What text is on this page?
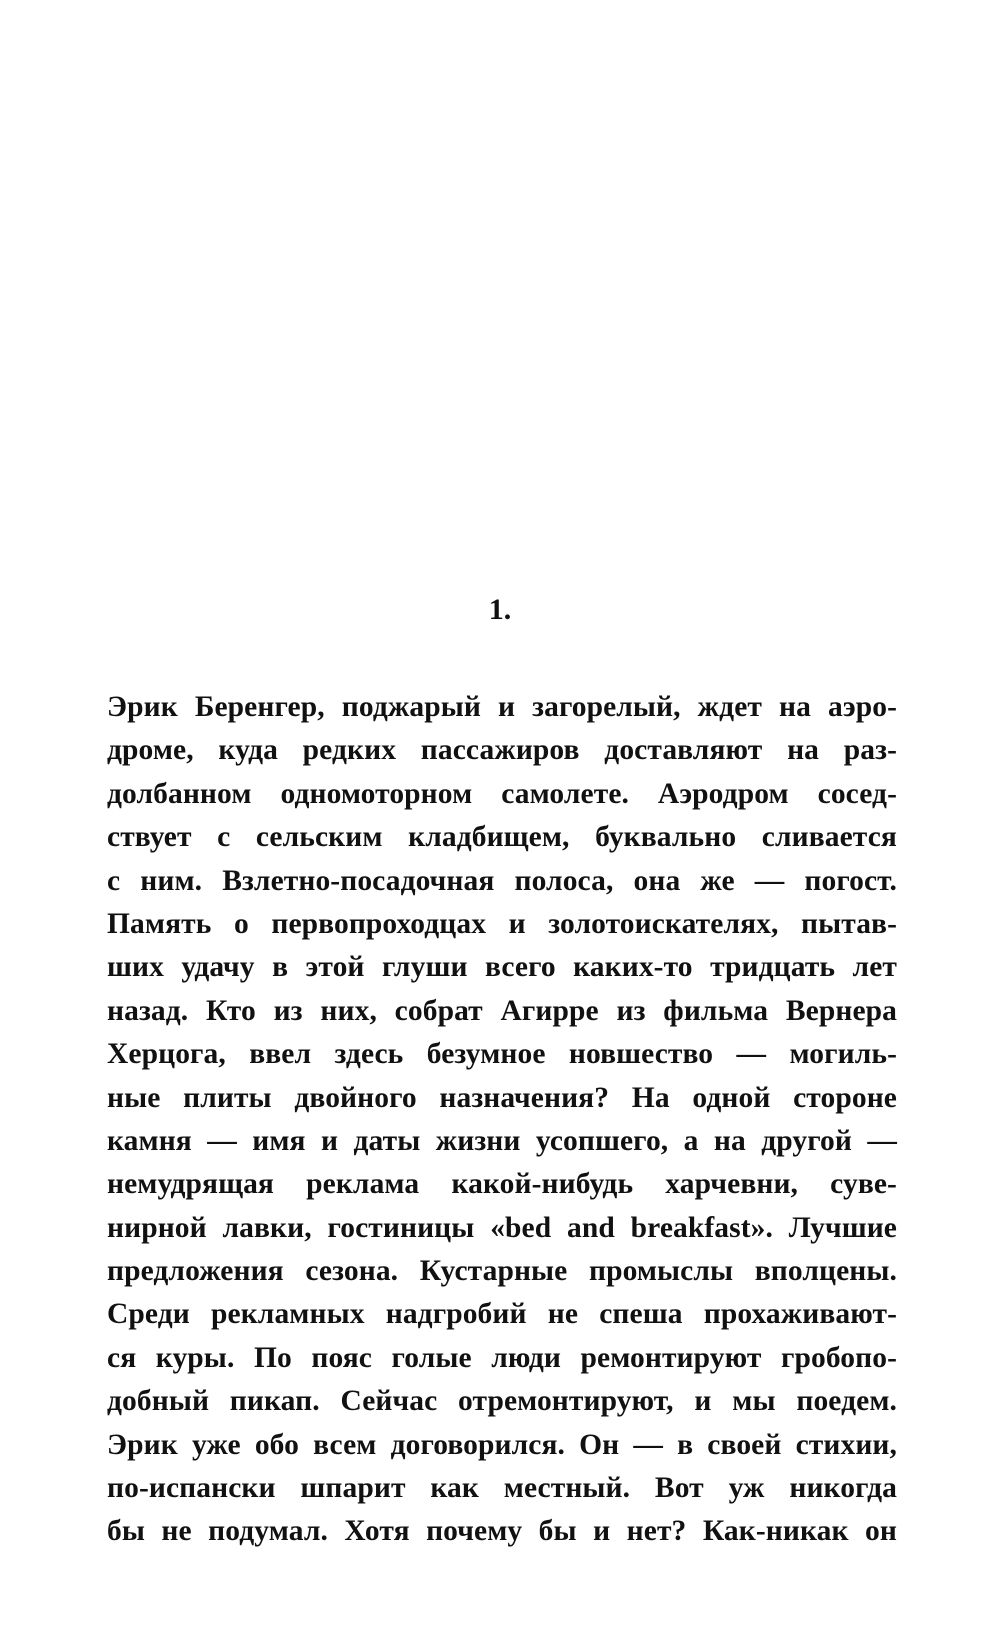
1.
Эрик Беренгер, поджарый и загорелый, ждет на аэро-
дроме, куда редких пассажиров доставляют на раз-
долбанном одномоторном самолете. Аэродром сосед-
ствует с сельским кладбищем, буквально сливается
с ним. Взлетно-посадочная полоса, она же — погост.
Память о первопроходцах и золотоискателях, пытав-
ших удачу в этой глуши всего каких-то тридцать лет
назад. Кто из них, собрат Агирре из фильма Вернера
Херцога, ввел здесь безумное новшество — могиль-
ные плиты двойного назначения? На одной стороне
камня — имя и даты жизни усопшего, а на другой —
немудрящая реклама какой-нибудь харчевни, суве-
нирной лавки, гостиницы «bed and breakfast». Лучшие
предложения сезона. Кустарные промыслы вполцены.
Среди рекламных надгробий не спеша прохаживают-
ся куры. По пояс голые люди ремонтируют гробопо-
добный пикап. Сейчас отремонтируют, и мы поедем.
Эрик уже обо всем договорился. Он — в своей стихии,
по-испански шпарит как местный. Вот уж никогда
бы не подумал. Хотя почему бы и нет? Как-никак он
